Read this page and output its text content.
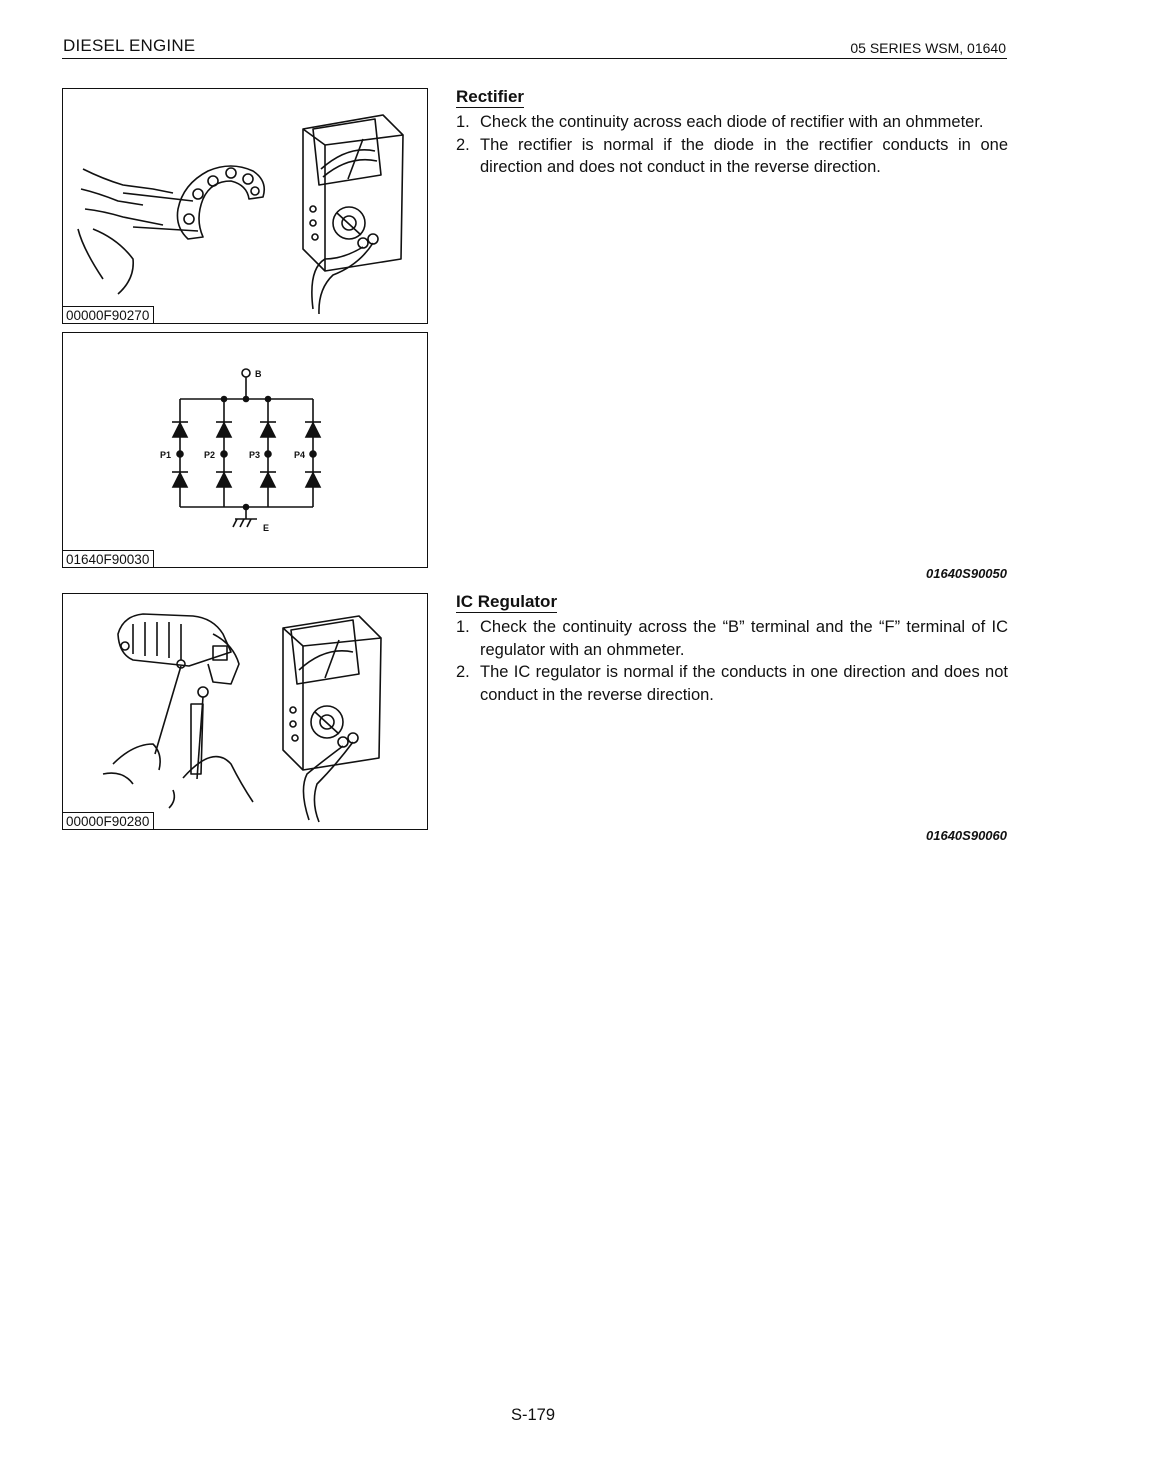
DIESEL ENGINE	05 SERIES WSM, 01640
00000F90270
B
E
P1	P2	P3	P4
01640F90030
00000F90280
Rectifier
1. Check the continuity across each diode of rectifier with an ohmmeter.
2. The rectifier is normal if the diode in the rectifier conducts in one direction and does not conduct in the reverse direction.
01640S90050
IC Regulator
1. Check the continuity across the “B” terminal and the “F” terminal of IC regulator with an ohmmeter.
2. The IC regulator is normal if the conducts in one direction and does not conduct in the reverse direction.
01640S90060
S-179
